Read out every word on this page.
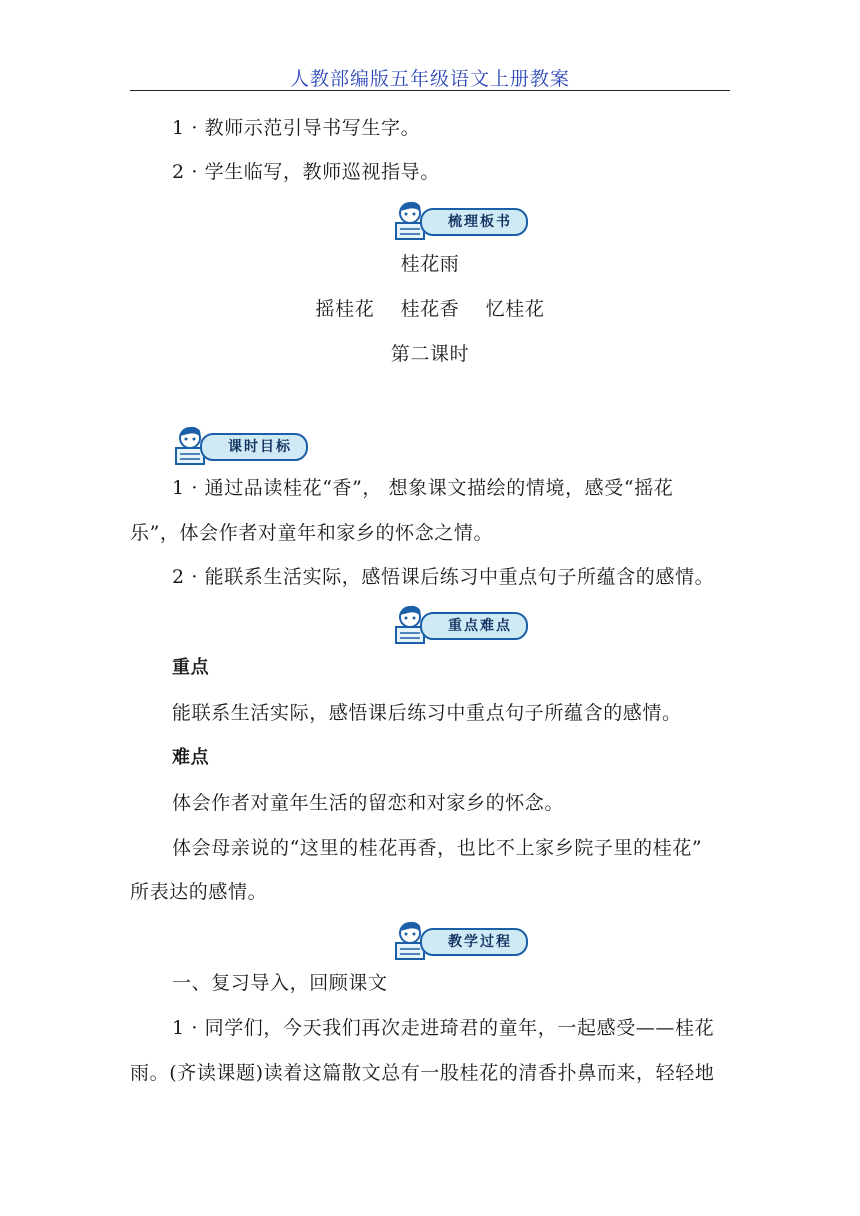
人教部编版五年级语文上册教案
1 · 教师示范引导书写生字。
2 · 学生临写，教师巡视指导。
梳理板书
桂花雨
摇桂花　 桂花香　 忆桂花
第二课时
课时目标
1 · 通过品读桂花“香”， 想象课文描绘的情境，感受“摇花
乐”，体会作者对童年和家乡的怀念之情。
2 · 能联系生活实际，感悟课后练习中重点句子所蕴含的感情。
重点难点
重点
能联系生活实际，感悟课后练习中重点句子所蕴含的感情。
难点
体会作者对童年生活的留恋和对家乡的怀念。
体会母亲说的“这里的桂花再香，也比不上家乡院子里的桂花”
所表达的感情。
教学过程
一、复习导入，回顾课文
1 · 同学们，今天我们再次走进琦君的童年，一起感受——桂花
雨。(齐读课题)读着这篇散文总有一股桂花的清香扑鼻而来，轻轻地
